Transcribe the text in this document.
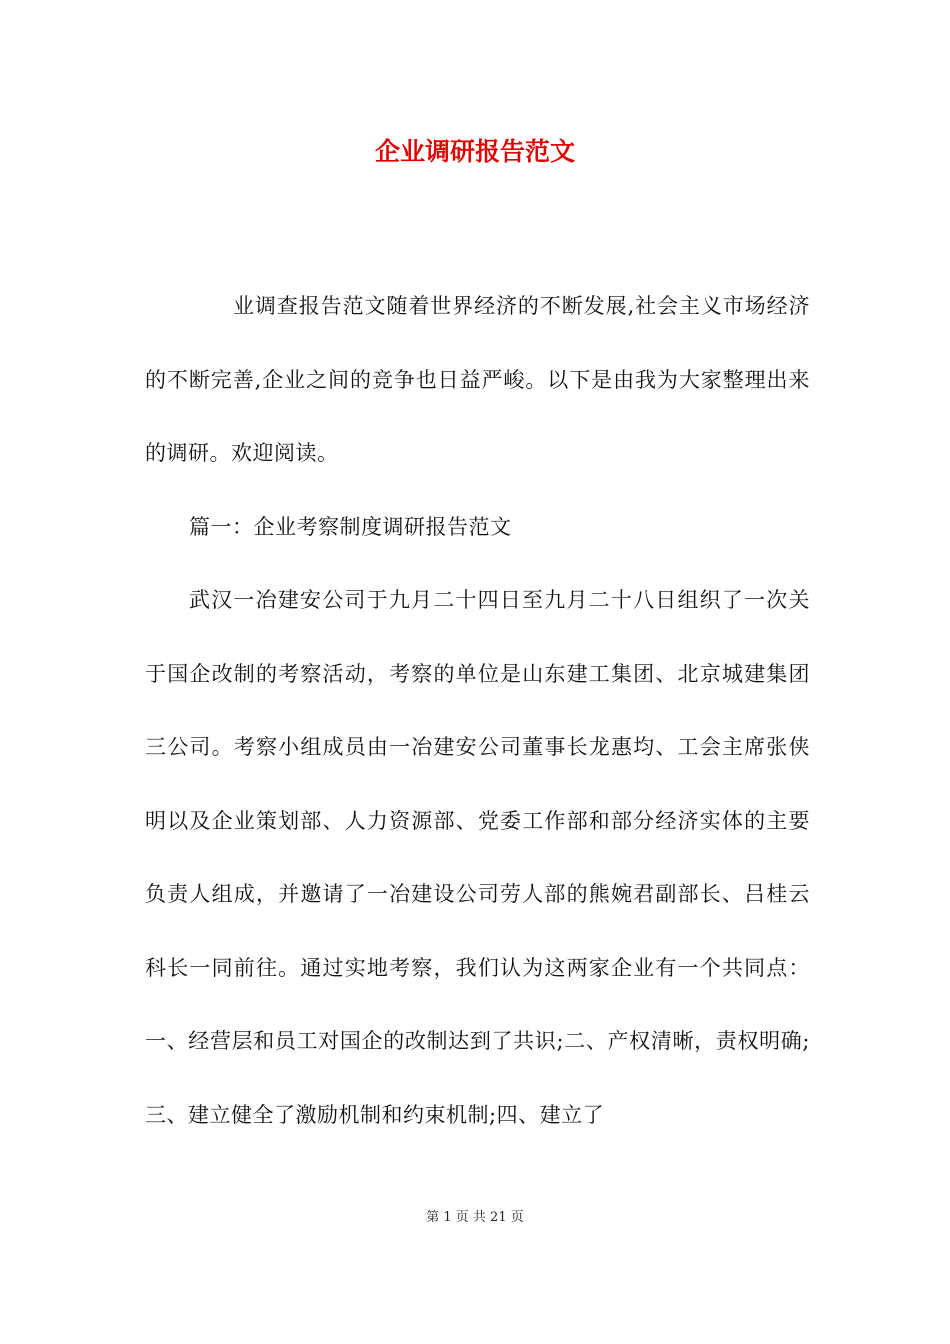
企业调研报告范文

业调查报告范文随着世界经济的不断发展,社会主义市场经济的不断完善,企业之间的竞争也日益严峻。以下是由我为大家整理出来的调研。欢迎阅读。

篇一：企业考察制度调研报告范文

武汉一冶建安公司于九月二十四日至九月二十八日组织了一次关于国企改制的考察活动，考察的单位是山东建工集团、北京城建集团三公司。考察小组成员由一冶建安公司董事长龙惠均、工会主席张侠明以及企业策划部、人力资源部、党委工作部和部分经济实体的主要负责人组成，并邀请了一冶建设公司劳人部的熊婉君副部长、吕桂云科长一同前往。通过实地考察，我们认为这两家企业有一个共同点：一、经营层和员工对国企的改制达到了共识;二、产权清晰，责权明确;三、建立健全了激励机制和约束机制;四、建立了

第 1 页 共 21 页
